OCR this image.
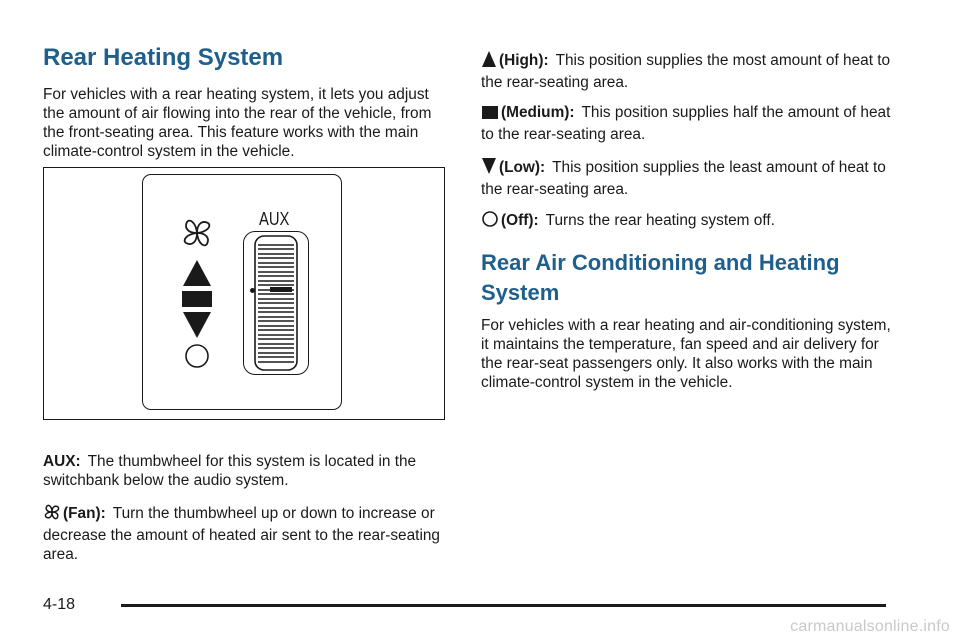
Rear Heating System

For vehicles with a rear heating system, it lets you adjust the amount of air flowing into the rear of the vehicle, from the front-seating area. This feature works with the main climate-control system in the vehicle.

AUX: The thumbwheel for this system is located in the switchbank below the audio system.

(Fan): Turn the thumbwheel up or down to increase or decrease the amount of heated air sent to the rear-seating area.

AUX

(High): This position supplies the most amount of heat to the rear-seating area.

(Medium): This position supplies half the amount of heat to the rear-seating area.

(Low): This position supplies the least amount of heat to the rear-seating area.

(Off): Turns the rear heating system off.

Rear Air Conditioning and Heating System

For vehicles with a rear heating and air-conditioning system, it maintains the temperature, fan speed and air delivery for the rear-seat passengers only. It also works with the main climate-control system in the vehicle.

4-18
carmanualsonline.info
